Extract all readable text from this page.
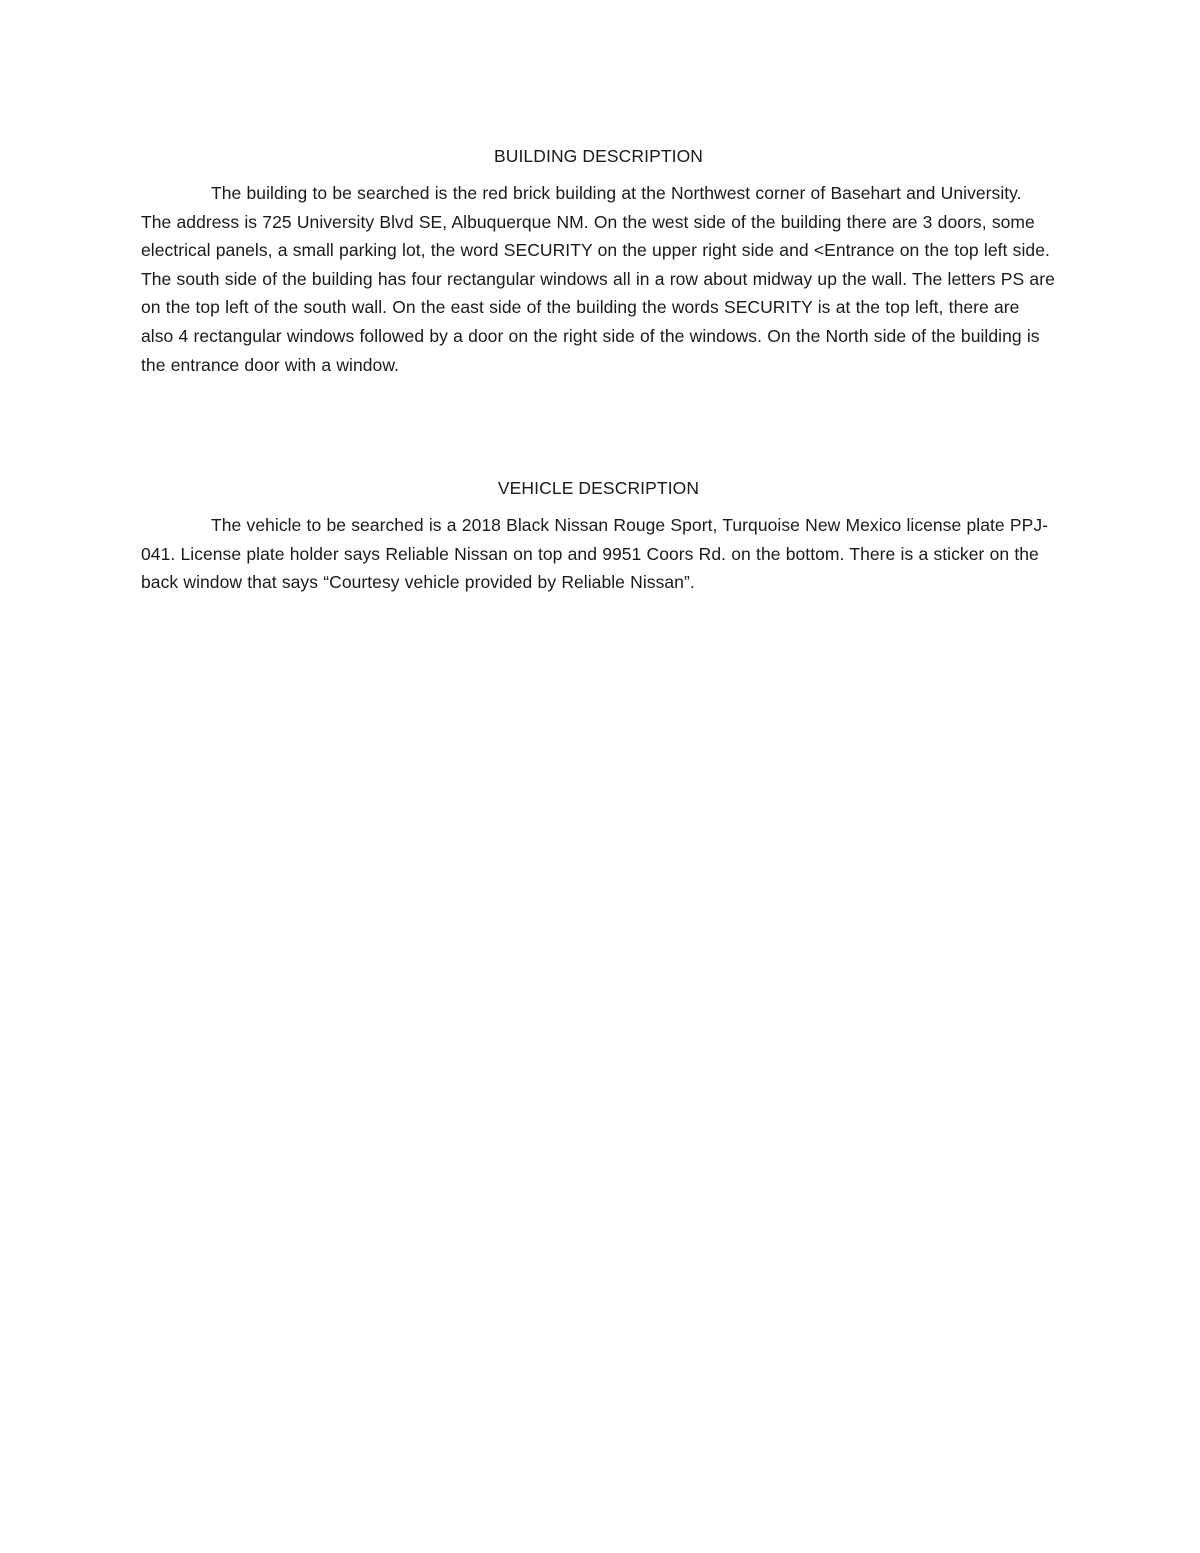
BUILDING DESCRIPTION

The building to be searched is the red brick building at the Northwest corner of Basehart and University. The address is 725 University Blvd SE, Albuquerque NM. On the west side of the building there are 3 doors, some electrical panels, a small parking lot, the word SECURITY on the upper right side and <Entrance on the top left side. The south side of the building has four rectangular windows all in a row about midway up the wall. The letters PS are on the top left of the south wall. On the east side of the building the words SECURITY is at the top left, there are also 4 rectangular windows followed by a door on the right side of the windows. On the North side of the building is the entrance door with a window.

VEHICLE DESCRIPTION

The vehicle to be searched is a 2018 Black Nissan Rouge Sport, Turquoise New Mexico license plate PPJ-041. License plate holder says Reliable Nissan on top and 9951 Coors Rd. on the bottom. There is a sticker on the back window that says “Courtesy vehicle provided by Reliable Nissan”.
